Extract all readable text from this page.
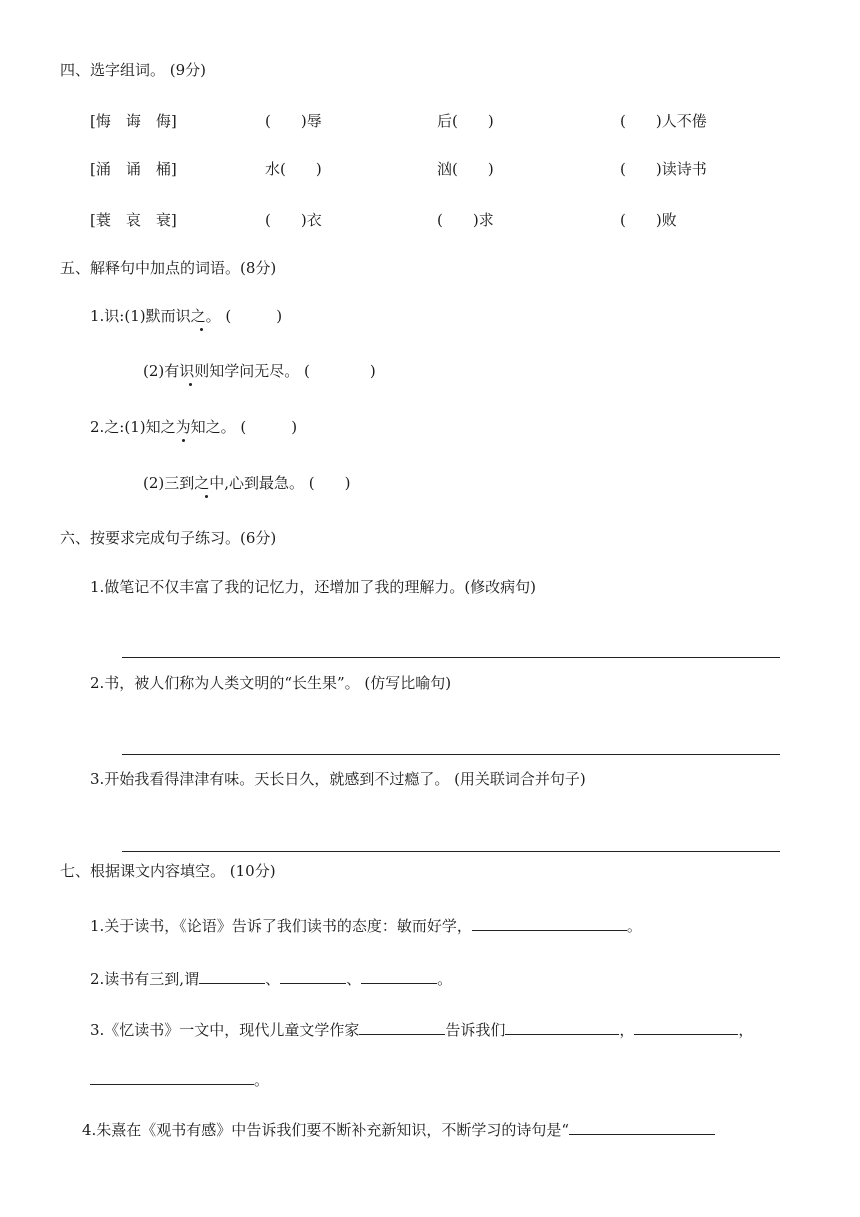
四、选字组词。 (9分)
[悔　诲　侮]	(　　)辱	后(　　)	(　　)人不倦
[涌　诵　桶]	水(　　)	汹(　　)	(　　)读诗书
[蓑　哀　衰]	(　　)衣	(　　)求	(　　)败
五、解释句中加点的词语。(8分)
1.识:(1)默而识之。 (　　　)
(2)有识则知学问无尽。 (　　　　)
2.之:(1)知之为知之。 (　　　)
(2)三到之中,心到最急。 (　　)
六、按要求完成句子练习。(6分)
1.做笔记不仅丰富了我的记忆力，还增加了我的理解力。(修改病句)
2.书，被人们称为人类文明的“长生果”。 (仿写比喻句)
3.开始我看得津津有味。天长日久，就感到不过瘾了。 (用关联词合并句子)
七、根据课文内容填空。 (10分)
1.关于读书，《论语》告诉了我们读书的态度：敏而好学，	。
2.读书有三到,谓	、	、	。
3.《忆读书》一文中，现代儿童文学作家	告诉我们	，	，
。
4.朱熹在《观书有感》中告诉我们要不断补充新知识，不断学习的诗句是“
